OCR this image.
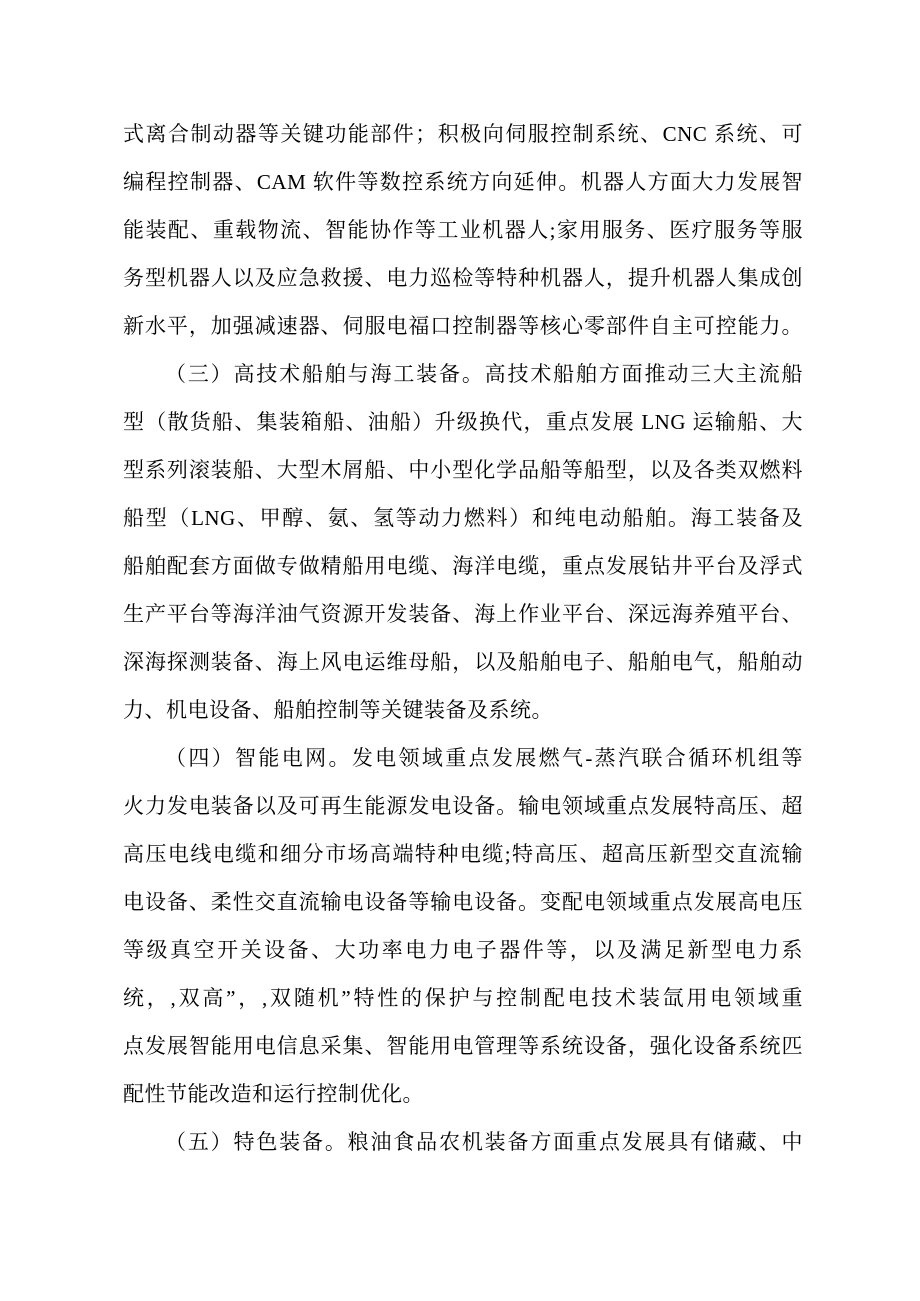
式离合制动器等关键功能部件；积极向伺服控制系统、CNC 系统、可
编程控制器、CAM 软件等数控系统方向延伸。机器人方面大力发展智
能装配、重载物流、智能协作等工业机器人;家用服务、医疗服务等服
务型机器人以及应急救援、电力巡检等特种机器人，提升机器人集成创
新水平，加强减速器、伺服电福口控制器等核心零部件自主可控能力。
（三）高技术船舶与海工装备。高技术船舶方面推动三大主流船
型（散货船、集装箱船、油船）升级换代，重点发展 LNG 运输船、大
型系列滚装船、大型木屑船、中小型化学品船等船型，以及各类双燃料
船型（LNG、甲醇、氨、氢等动力燃料）和纯电动船舶。海工装备及
船舶配套方面做专做精船用电缆、海洋电缆，重点发展钻井平台及浮式
生产平台等海洋油气资源开发装备、海上作业平台、深远海养殖平台、
深海探测装备、海上风电运维母船，以及船舶电子、船舶电气，船舶动
力、机电设备、船舶控制等关键装备及系统。
（四）智能电网。发电领域重点发展燃气-蒸汽联合循环机组等
火力发电装备以及可再生能源发电设备。输电领域重点发展特高压、超
高压电线电缆和细分市场高端特种电缆;特高压、超高压新型交直流输
电设备、柔性交直流输电设备等输电设备。变配电领域重点发展高电压
等级真空开关设备、大功率电力电子器件等，以及满足新型电力系
统，,双高”，,双随机”特性的保护与控制配电技术装氙用电领域重
点发展智能用电信息采集、智能用电管理等系统设备，强化设备系统匹
配性节能改造和运行控制优化。
（五）特色装备。粮油食品农机装备方面重点发展具有储藏、中
